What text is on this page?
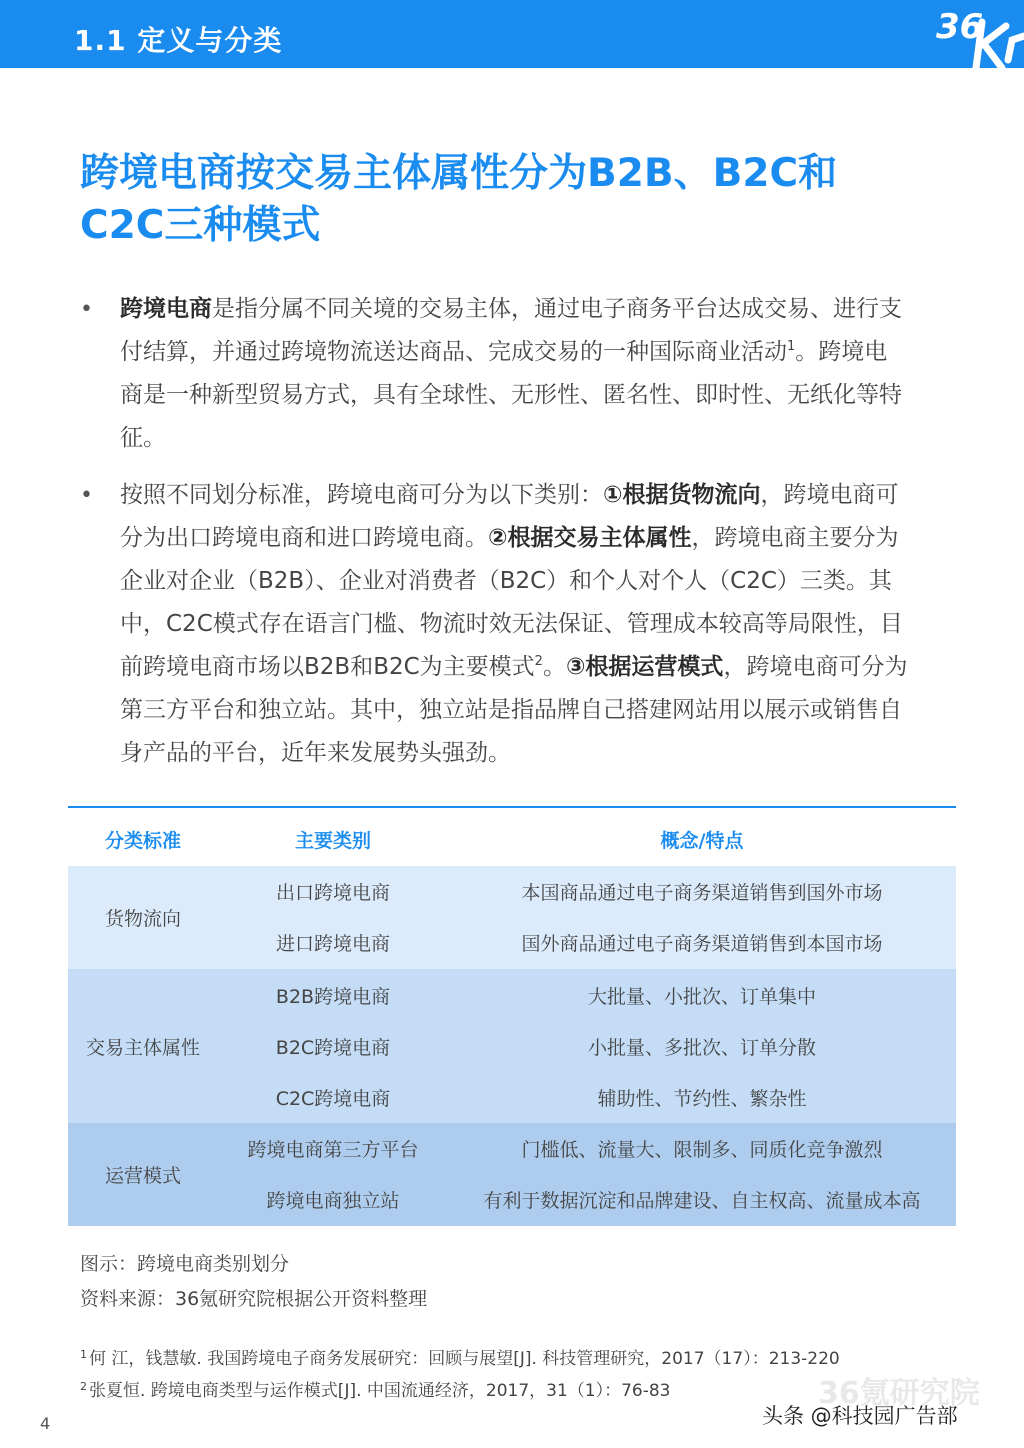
1.1 定义与分类	36
跨境电商按交易主体属性分为B2B、B2C和
C2C三种模式
• 跨境电商是指分属不同关境的交易主体，通过电子商务平台达成交易、进行支
付结算，并通过跨境物流送达商品、完成交易的一种国际商业活动$^1$。跨境电
商是一种新型贸易方式，具有全球性、无形性、匿名性、即时性、无纸化等特
征。
• 按照不同划分标准，跨境电商可分为以下类别：①根据货物流向，跨境电商可
分为出口跨境电商和进口跨境电商。②根据交易主体属性，跨境电商主要分为
企业对企业（B2B）、企业对消费者（B2C）和个人对个人（C2C）三类。其
中，C2C模式存在语言门槛、物流时效无法保证、管理成本较高等局限性，目
前跨境电商市场以B2B和B2C为主要模式$^2$。③根据运营模式，跨境电商可分为
第三方平台和独立站。其中，独立站是指品牌自己搭建网站用以展示或销售自
身产品的平台，近年来发展势头强劲。
分类标准	主要类别	概念/特点
货物流向
出口跨境电商	本国商品通过电子商务渠道销售到国外市场
进口跨境电商	国外商品通过电子商务渠道销售到本国市场
交易主体属性
B2B跨境电商	大批量、小批次、订单集中
B2C跨境电商	小批量、多批次、订单分散
C2C跨境电商	辅助性、节约性、繁杂性
运营模式
跨境电商第三方平台	门槛低、流量大、限制多、同质化竞争激烈
跨境电商独立站	有利于数据沉淀和品牌建设、自主权高、流量成本高
图示：跨境电商类别划分
资料来源：36氪研究院根据公开资料整理
$^1$ 何 江，钱慧敏. 我国跨境电子商务发展研究：回顾与展望[J]. 科技管理研究，2017（17）：213-220
$^2$ 张夏恒. 跨境电商类型与运作模式[J]. 中国流通经济，2017，31（1）：76-83	36氪研究院
4	头条 @科技园广告部
